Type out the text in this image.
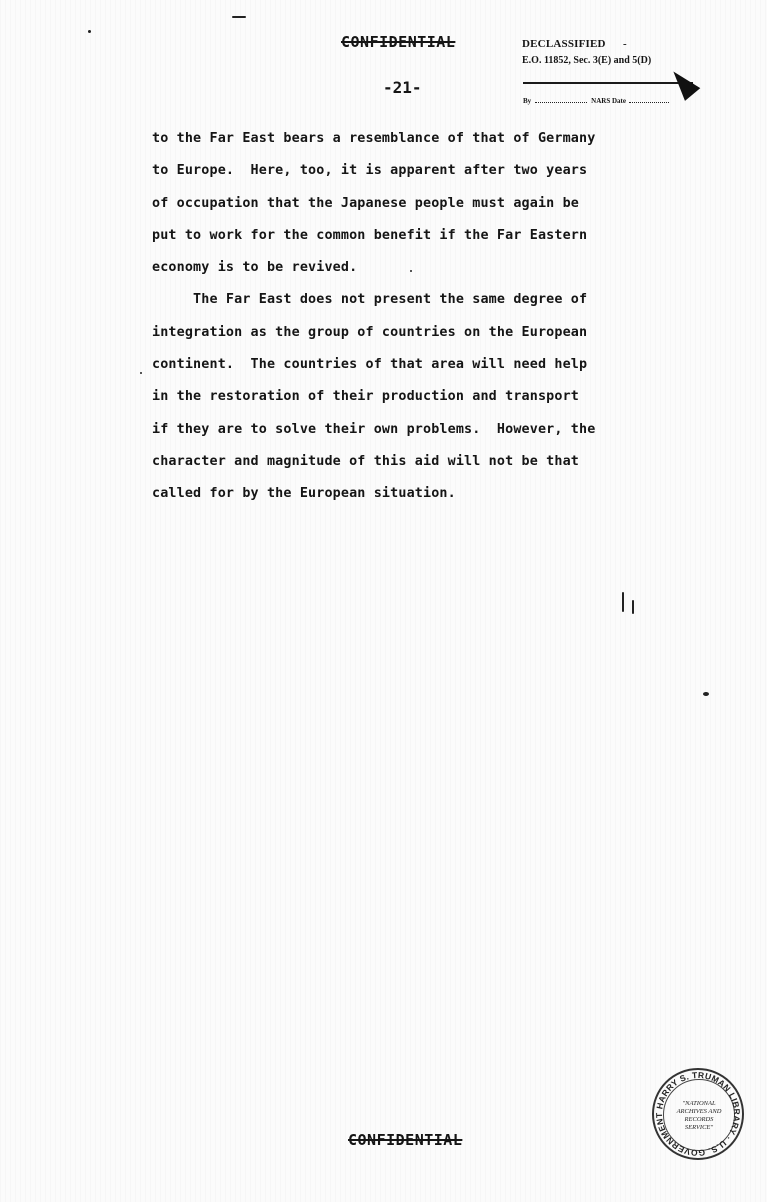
CONFIDENTIAL
-21-
DECLASSIFIED -
E.O. 11852, Sec. 3(E) and 5(D)
By	NARS Date
to the Far East bears a resemblance of that of Germany
to Europe.  Here, too, it is apparent after two years
of occupation that the Japanese people must again be
put to work for the common benefit if the Far Eastern
economy is to be revived.
The Far East does not present the same degree of
integration as the group of countries on the European
continent.  The countries of that area will need help
in the restoration of their production and transport
if they are to solve their own problems.  However, the
character and magnitude of this aid will not be that
called for by the European situation.
CONFIDENTIAL
HARRY S. TRUMAN LIBRARY · U.S. GOVERNMENT
"NATIONAL
ARCHIVES AND
RECORDS
SERVICE"
